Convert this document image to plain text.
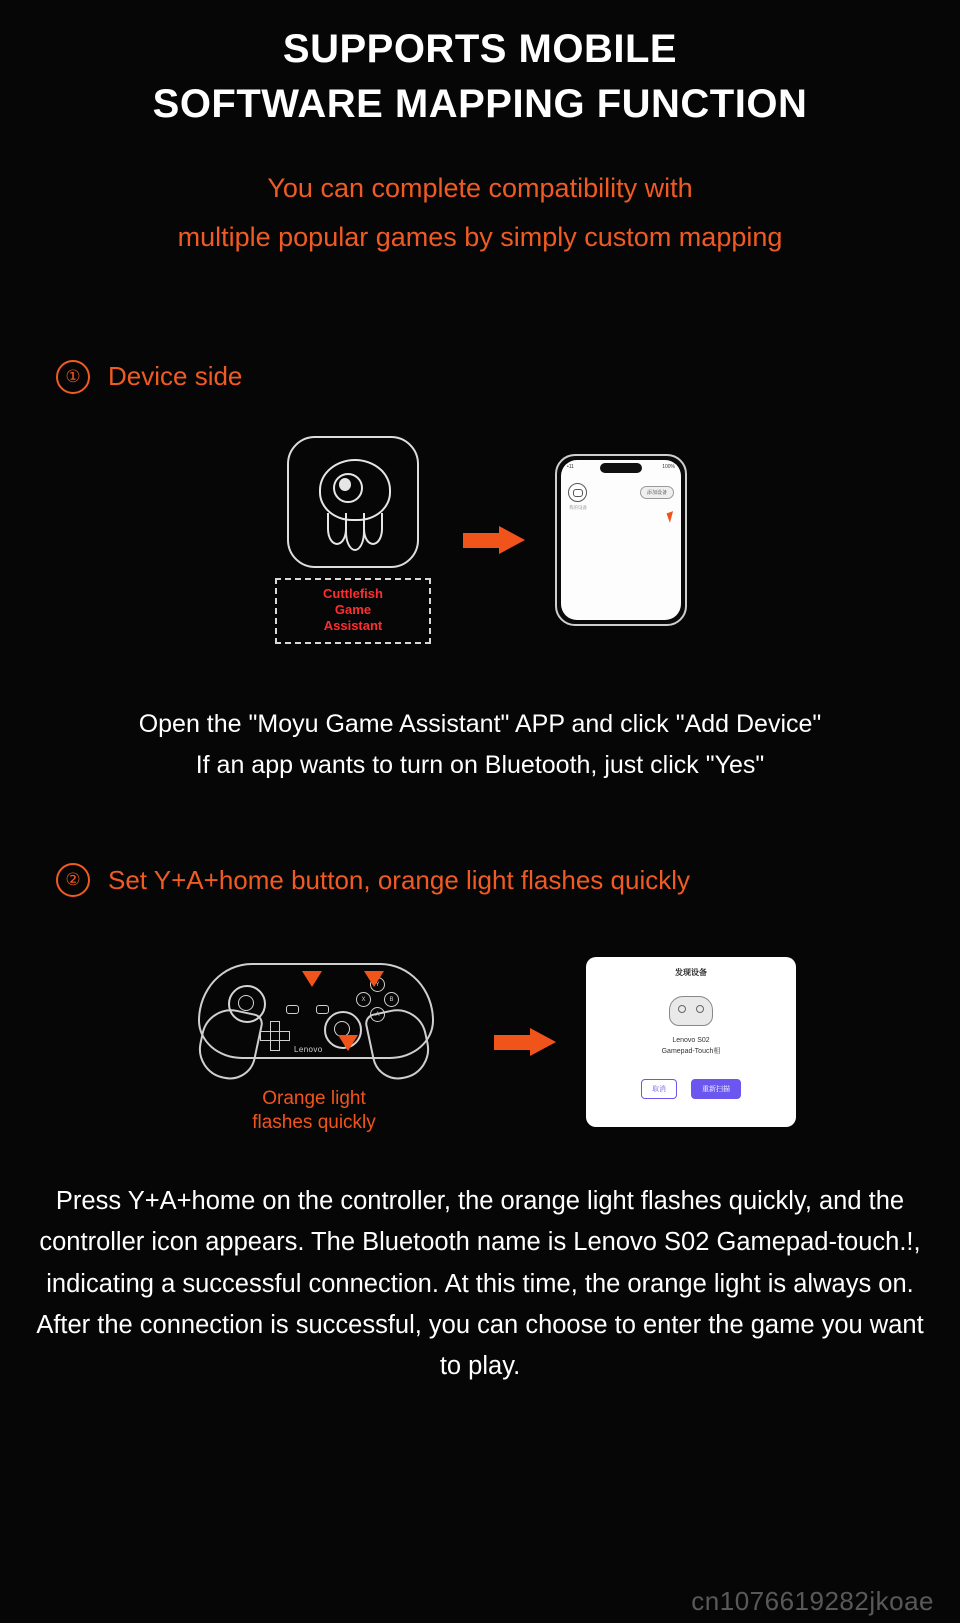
SUPPORTS MOBILE
SOFTWARE MAPPING FUNCTION
You can complete compatibility with
multiple popular games by simply custom mapping
①	Device side
Cuttlefish
Game
Assistant
•11	100%
添加设备
我的设备
Open the "Moyu Game Assistant" APP and click "Add Device"
If an app wants to turn on Bluetooth, just click "Yes"
②	Set Y+A+home button, orange light flashes quickly
Y
X	B
A
Lenovo
Orange light
flashes quickly
发现设备
Lenovo S02
Gamepad-Touch相
取消	重新扫描
Press Y+A+home on the controller, the orange light flashes quickly, and the controller icon appears. The Bluetooth name is Lenovo S02 Gamepad-touch.!, indicating a successful connection. At this time, the orange light is always on. After the connection is successful, you can choose to enter the game you want to play.
cn1076619282jkoae
